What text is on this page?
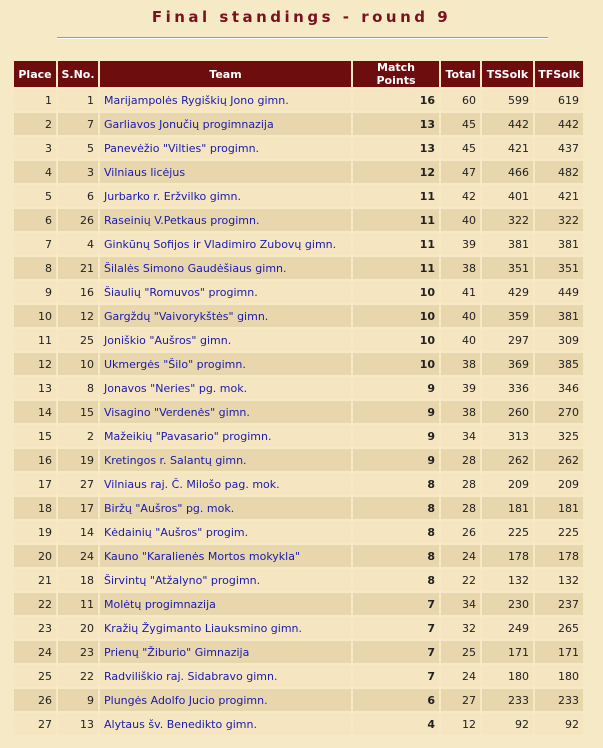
Final standings - round 9
Place	S.No.	Team	Match Points	Total	TSSolk	TFSolk
1	1	Marijampolės Rygiškių Jono gimn.	16	60	599	619
2	7	Garliavos Jonučių progimnazija	13	45	442	442
3	5	Panevėžio "Vilties" progimn.	13	45	421	437
4	3	Vilniaus licėjus	12	47	466	482
5	6	Jurbarko r. Eržvilko gimn.	11	42	401	421
6	26	Raseinių V.Petkaus progimn.	11	40	322	322
7	4	Ginkūnų Sofijos ir Vladimiro Zubovų gimn.	11	39	381	381
8	21	Šilalės Simono Gaudėšiaus gimn.	11	38	351	351
9	16	Šiaulių "Romuvos" progimn.	10	41	429	449
10	12	Gargždų "Vaivorykštės" gimn.	10	40	359	381
11	25	Joniškio "Aušros" gimn.	10	40	297	309
12	10	Ukmergės "Šilo" progimn.	10	38	369	385
13	8	Jonavos "Neries" pg. mok.	9	39	336	346
14	15	Visagino "Verdenės" gimn.	9	38	260	270
15	2	Mažeikių "Pavasario" progimn.	9	34	313	325
16	19	Kretingos r. Salantų gimn.	9	28	262	262
17	27	Vilniaus raj. Č. Milošo pag. mok.	8	28	209	209
18	17	Biržų "Aušros" pg. mok.	8	28	181	181
19	14	Kėdainių "Aušros" progim.	8	26	225	225
20	24	Kauno "Karalienės Mortos mokykla"	8	24	178	178
21	18	Širvintų "Atžalyno" progimn.	8	22	132	132
22	11	Molėtų progimnazija	7	34	230	237
23	20	Kražių Žygimanto Liauksmino gimn.	7	32	249	265
24	23	Prienų "Žiburio" Gimnazija	7	25	171	171
25	22	Radviliškio raj. Sidabravo gimn.	7	24	180	180
26	9	Plungės Adolfo Jucio progimn.	6	27	233	233
27	13	Alytaus šv. Benedikto gimn.	4	12	92	92
